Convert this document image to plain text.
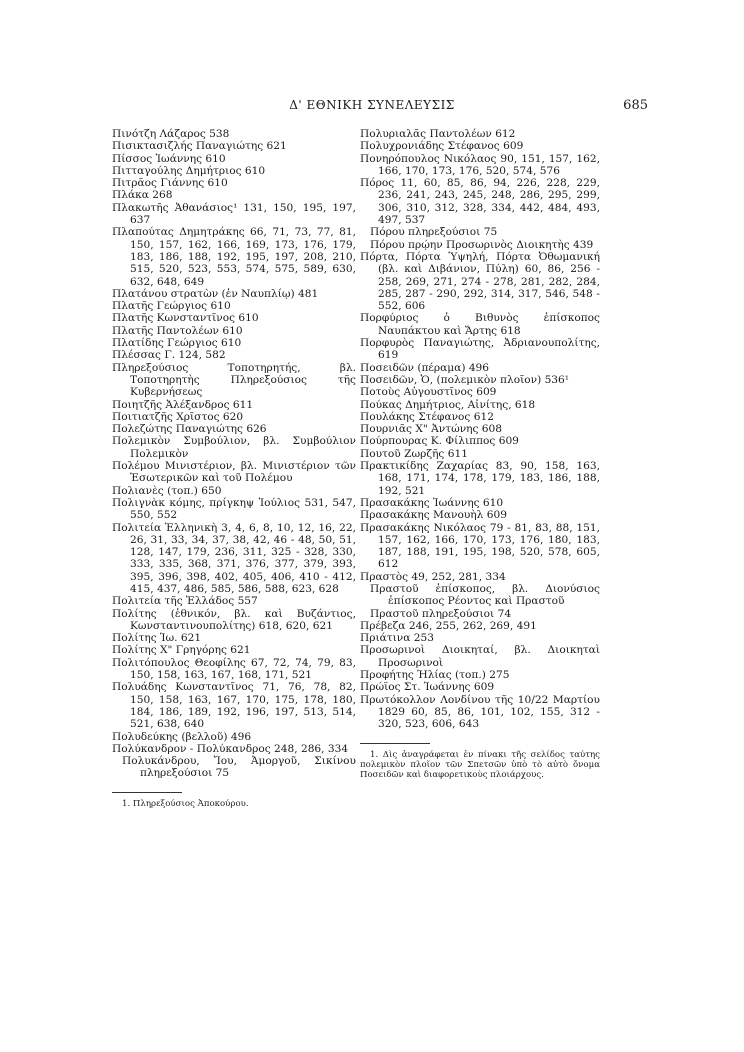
Δ' ΕΘΝΙΚΗ ΣΥΝΕΛΕΥΣΙΣ	685

Πινότζη Λάζαρος 538

Πισικτασιζλής Παναγιώτης 621

Πίσσος Ἰωάννης 610

Πιτταγούλης Δημήτριος 610

Πιτρᾶος Γιάννης 610

Πλάκα 268

Πλακωτῆς Ἀθανάσιος¹ 131, 150, 195, 197, 637

Πλαπούτας Δημητράκης 66, 71, 73, 77, 81, 150, 157, 162, 166, 169, 173, 176, 179, 183, 186, 188, 192, 195, 197, 208, 210, 515, 520, 523, 553, 574, 575, 589, 630, 632, 648, 649

Πλατάνου στρατὼν (ἐν Ναυπλίῳ) 481

Πλατῆς Γεώργιος 610

Πλατῆς Κωνσταντῖνος 610

Πλατῆς Παντολέων 610

Πλατίδης Γεώργιος 610

Πλέσσας Γ. 124, 582

Πληρεξούσιος Τοποτηρητής, βλ. Τοποτηρητὴς Πληρεξούσιος τῆς Κυβερνήσεως

Ποιητζῆς Ἀλέξανδρος 611

Ποιτιατζῆς Χρῖστος 620

Πολεζώτης Παναγιώτης 626

Πολεμικὸν Συμβούλιον, βλ. Συμβούλιον Πολεμικὸν

Πολέμου Μινιστέριον, βλ. Μινιστέριον τῶν Ἐσωτερικῶν καὶ τοῦ Πολέμου

Πολιανὲς (τοπ.) 650

Πολιγνὰκ κόμης, πρίγκηψ Ἰούλιος 531, 547, 550, 552

Πολιτεία Ἑλληνικὴ 3, 4, 6, 8, 10, 12, 16, 22, 26, 31, 33, 34, 37, 38, 42, 46 - 48, 50, 51, 128, 147, 179, 236, 311, 325 - 328, 330, 333, 335, 368, 371, 376, 377, 379, 393, 395, 396, 398, 402, 405, 406, 410 - 412, 415, 437, 486, 585, 586, 588, 623, 628

Πολιτεία τῆς Ἑλλάδος 557

Πολίτης (ἐθνικόν, βλ. καὶ Βυζάντιος, Κωνσταντινουπολίτης) 618, 620, 621

Πολίτης Ἰω. 621

Πολίτης Χ" Γρηγόρης 621

Πολιτόπουλος Θεοφίλης 67, 72, 74, 79, 83, 150, 158, 163, 167, 168, 171, 521

Πολυάδης Κωνσταντῖνος 71, 76, 78, 82, 150, 158, 163, 167, 170, 175, 178, 180, 184, 186, 189, 192, 196, 197, 513, 514, 521, 638, 640

Πολυδεύκης (βελλοῦ) 496

Πολύκανδρον - Πολύκανδρος 248, 286, 334

Πολυκάνδρου, Ἴου, Ἀμοργοῦ, Σικίνου πληρεξούσιοι 75

1. Πληρεξούσιος Ἀποκούρου.

Πολυριαλᾶς Παντολέων 612

Πολυχρονιάδης Στέφανος 609

Πονηρόπουλος Νικόλαος 90, 151, 157, 162, 166, 170, 173, 176, 520, 574, 576

Πόρος 11, 60, 85, 86, 94, 226, 228, 229, 236, 241, 243, 245, 248, 286, 295, 299, 306, 310, 312, 328, 334, 442, 484, 493, 497, 537

Πόρου πληρεξούσιοι 75

Πόρου πρῴην Προσωρινὸς Διοικητὴς 439

Πόρτα, Πόρτα Ὑψηλή, Πόρτα Ὀθωμανική (βλ. καὶ Διβάνιον, Πύλη) 60, 86, 256 - 258, 269, 271, 274 - 278, 281, 282, 284, 285, 287 - 290, 292, 314, 317, 546, 548 - 552, 606

Πορφύριος ὁ Βιθυνὸς ἐπίσκοπος Ναυπάκτου καὶ Ἄρτης 618

Πορφυρὸς Παναγιώτης, Ἀδριανουπολίτης, 619

Ποσειδῶν (πέραμα) 496

Ποσειδῶν, Ὁ, (πολεμικὸν πλοῖον) 536¹

Ποτοὺς Αὐγουστῖνος 609

Πούκας Δημήτριος, Αἰνίτης, 618

Πουλάκης Στέφανος 612

Πουρνιᾶς Χ" Ἀντώνης 608

Πούρπουρας Κ. Φίλιππος 609

Πουτοῦ Ζωρζῆς 611

Πρακτικίδης Ζαχαρίας 83, 90, 158, 163, 168, 171, 174, 178, 179, 183, 186, 188, 192, 521

Πρασακάκης Ἰωάννης 610

Πρασακάκης Μανουὴλ 609

Πρασακάκης Νικόλαος 79 - 81, 83, 88, 151, 157, 162, 166, 170, 173, 176, 180, 183, 187, 188, 191, 195, 198, 520, 578, 605, 612

Πραστὸς 49, 252, 281, 334

Πραστοῦ ἐπίσκοπος, βλ. Διονύσιος ἐπίσκοπος Ρέοντος καὶ Πραστοῦ

Πραστοῦ πληρεξούσιοι 74

Πρέβεζα 246, 255, 262, 269, 491

Πριάτινα 253

Προσωρινοὶ Διοικηταί, βλ. Διοικηταὶ Προσωρινοὶ

Προφήτης Ἠλίας (τοπ.) 275

Πρώϊος Στ. Ἰωάννης 609

Πρωτόκολλον Λονδίνου τῆς 10/22 Μαρτίου 1829 60, 85, 86, 101, 102, 155, 312 - 320, 523, 606, 643

1. Δὶς ἀναγράφεται ἐν πίνακι τῆς σελίδος ταύτης πολεμικὸν πλοῖον τῶν Σπετσῶν ὑπὸ τὸ αὐτὸ ὄνομα Ποσειδῶν καὶ διαφορετικοὺς πλοιάρχους.
